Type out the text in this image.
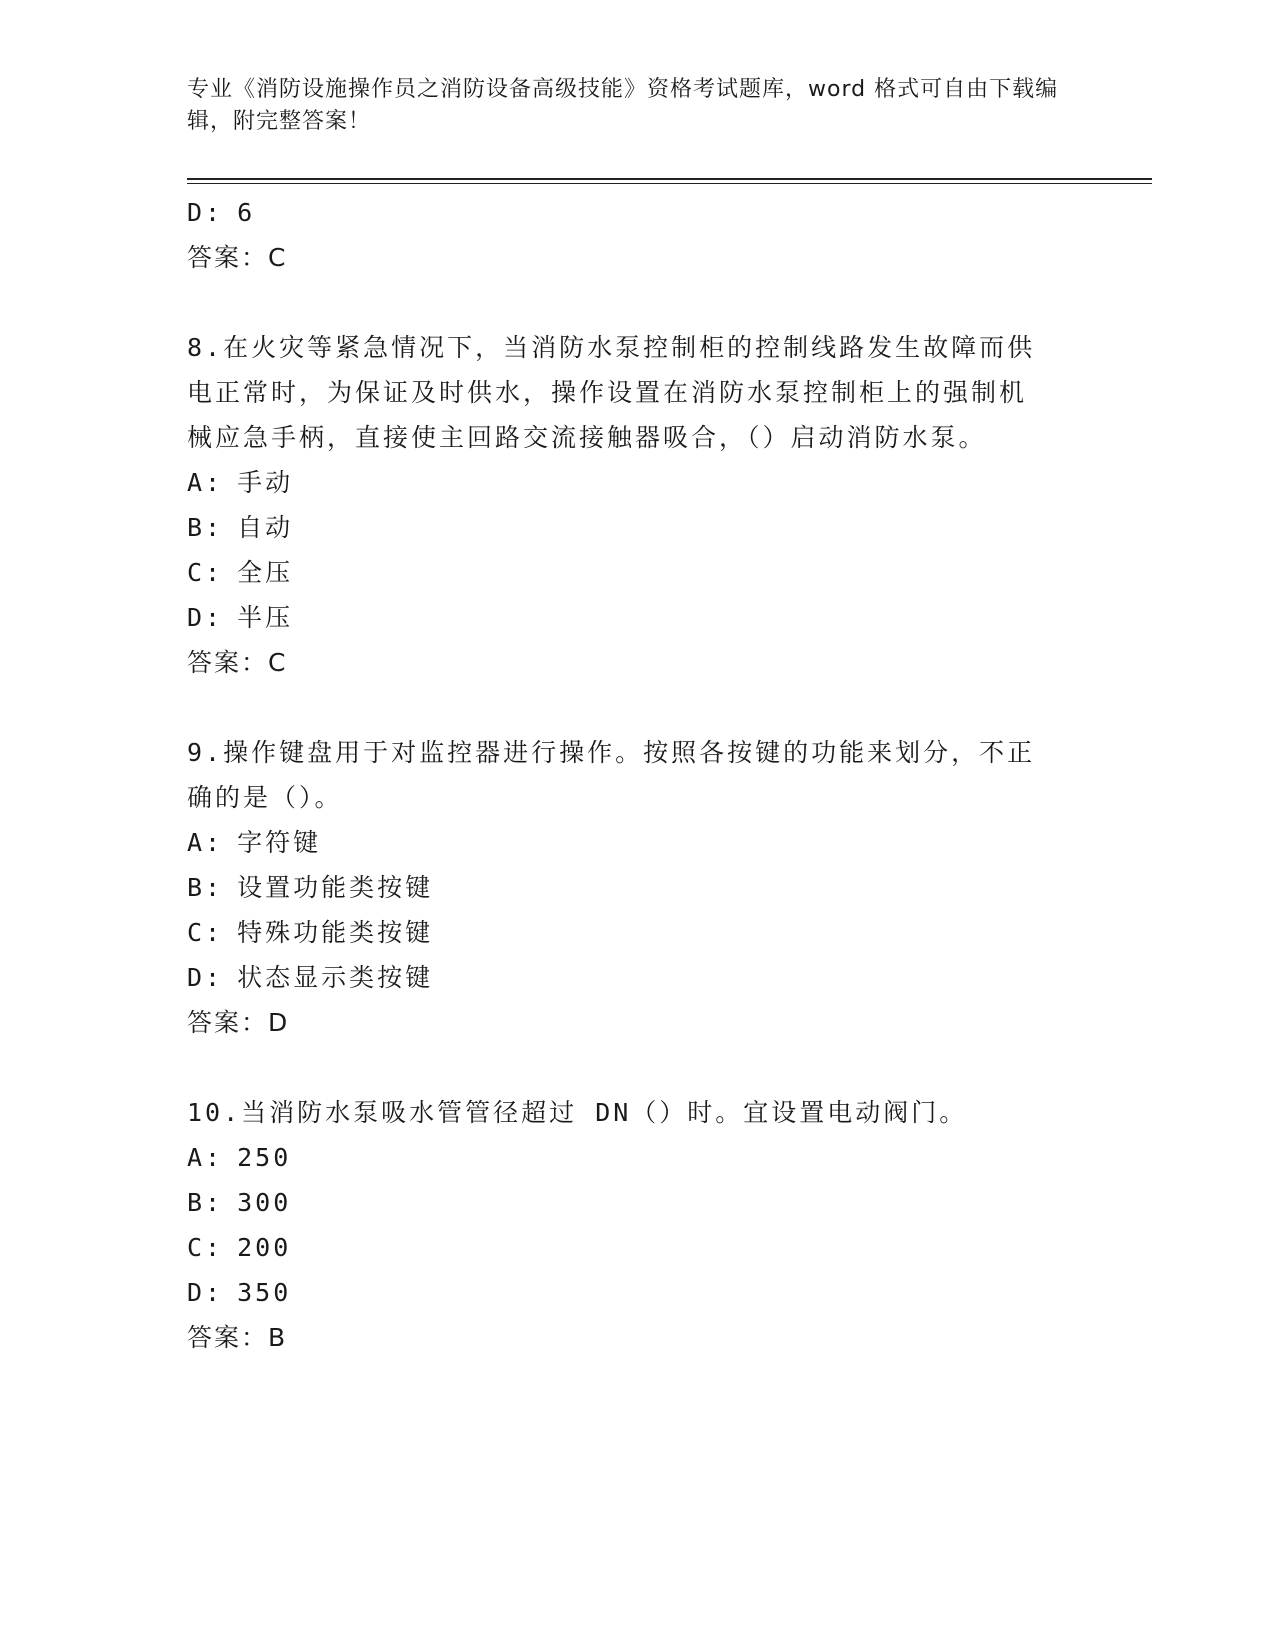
专业《消防设施操作员之消防设备高级技能》资格考试题库，word 格式可自由下载编辑，附完整答案！
D: 6
答案：C
8.在火灾等紧急情况下，当消防水泵控制柜的控制线路发生故障而供电正常时，为保证及时供水，操作设置在消防水泵控制柜上的强制机械应急手柄，直接使主回路交流接触器吸合，（）启动消防水泵。
A: 手动
B: 自动
C: 全压
D: 半压
答案：C
9.操作键盘用于对监控器进行操作。按照各按键的功能来划分，不正确的是（）。
A: 字符键
B: 设置功能类按键
C: 特殊功能类按键
D: 状态显示类按键
答案：D
10.当消防水泵吸水管管径超过 DN（）时。宜设置电动阀门。
A: 250
B: 300
C: 200
D: 350
答案：B
